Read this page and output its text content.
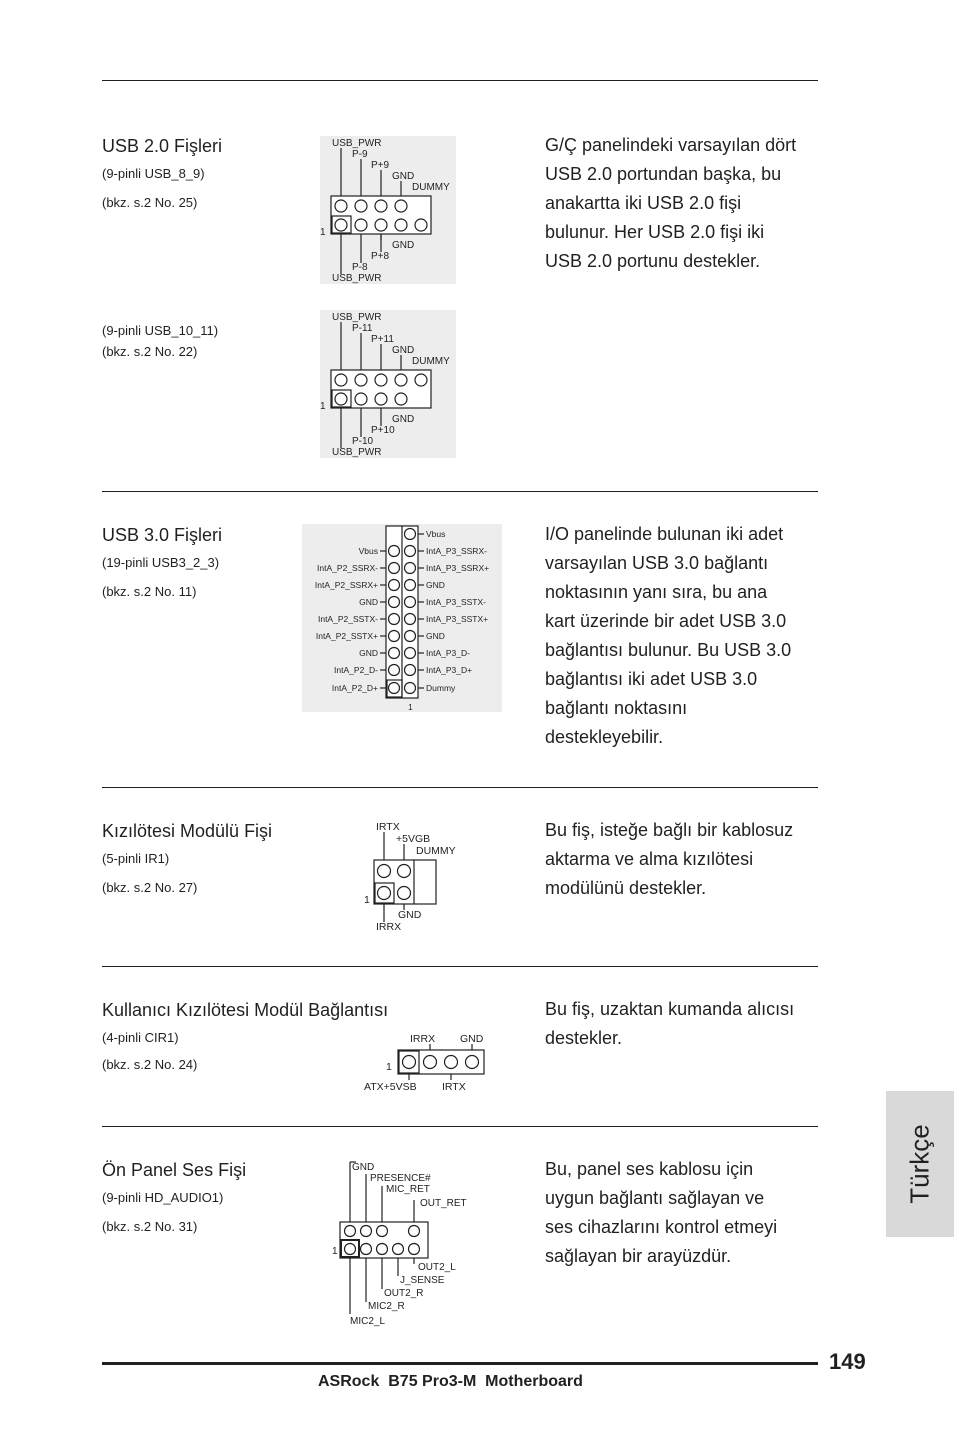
USB 2.0 Fişleri
(9-pinli USB_8_9)
(bkz. s.2 No. 25)
(9-pinli USB_10_11)
(bkz. s.2 No. 22)
G/Ç panelindeki varsayılan dört
USB 2.0 portundan başka, bu
anakartta iki USB 2.0 fişi
bulunur. Her USB 2.0 fişi iki
USB 2.0 portunu destekler.
USB_PWR
P-9
P+9
GND
DUMMY
GND
P+8
P-8
USB_PWR
1
USB_PWR
P-11
P+11
GND
DUMMY
GND
P+10
P-10
USB_PWR
1
USB 3.0 Fişleri
(19-pinli USB3_2_3)
(bkz. s.2 No. 11)
I/O panelinde bulunan iki adet
varsayılan USB 3.0 bağlantı
noktasının yanı sıra, bu ana
kart üzerinde bir adet USB 3.0
bağlantısı bulunur. Bu USB 3.0
bağlantısı iki adet USB 3.0
bağlantı noktasını
destekleyebilir.
Vbus
IntA_P3_SSRX-
IntA_P3_SSRX+
GND
IntA_P3_SSTX-
IntA_P3_SSTX+
GND
IntA_P3_D-
IntA_P3_D+
Dummy
Vbus
IntA_P2_SSRX-
IntA_P2_SSRX+
GND
IntA_P2_SSTX-
IntA_P2_SSTX+
GND
IntA_P2_D-
IntA_P2_D+
1
Kızılötesi Modülü Fişi
(5-pinli IR1)
(bkz. s.2 No. 27)
Bu fiş, isteğe bağlı bir kablosuz
aktarma ve alma kızılötesi
modülünü destekler.
IRTX
+5VGB
DUMMY
GND
IRRX
1
Kullanıcı Kızılötesi Modül Bağlantısı
(4-pinli CIR1)
(bkz. s.2 No. 24)
Bu fiş, uzaktan kumanda alıcısı
destekler.
IRRX GND
ATX+5VSB IRTX
1
Ön Panel Ses Fişi
(9-pinli HD_AUDIO1)
(bkz. s.2 No. 31)
Bu, panel ses kablosu için
uygun bağlantı sağlayan ve
ses cihazlarını kontrol etmeyi
sağlayan bir arayüzdür.
GND
PRESENCE#
MIC_RET
OUT_RET
OUT2_L
J_SENSE
OUT2_R
MIC2_R
MIC2_L
1
Türkçe
149
ASRock  B75 Pro3-M  Motherboard
